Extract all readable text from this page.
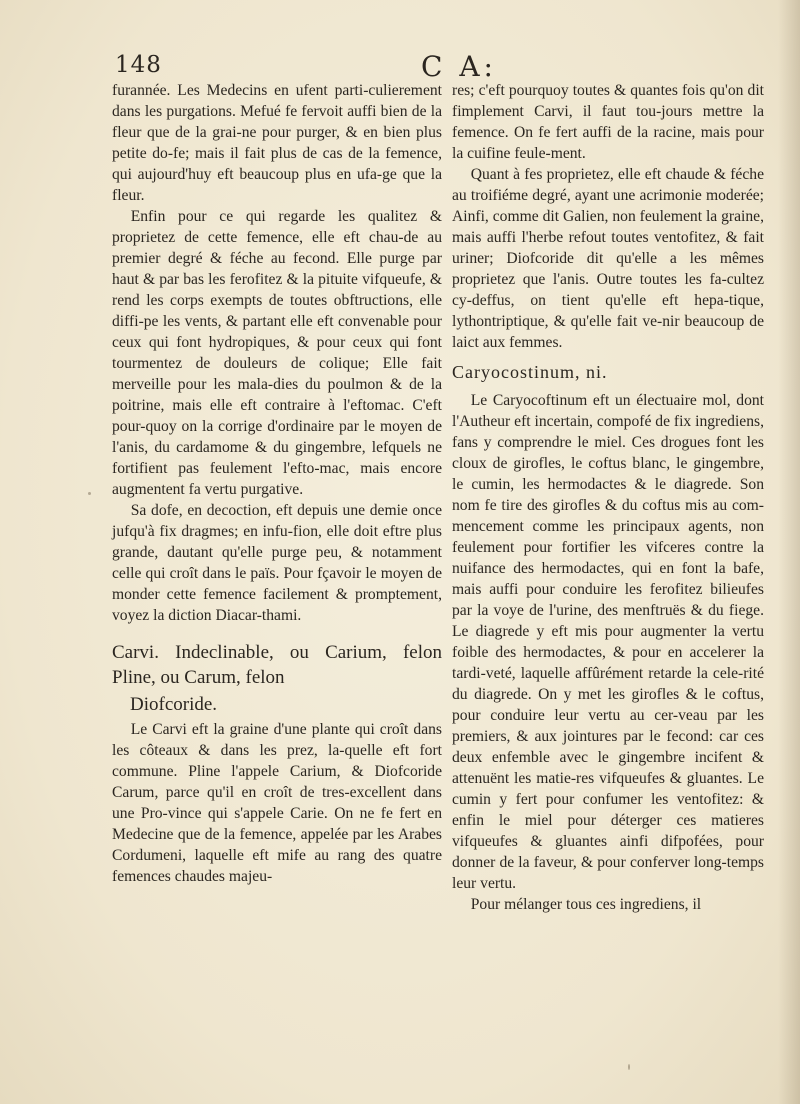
148	C A:

furannée. Les Medecins en ufent parti-culierement dans les purgations. Mefué fe fervoit auffi bien de la fleur que de la grai-ne pour purger, & en bien plus petite do-fe; mais il fait plus de cas de la femence, qui aujourd'huy eft beaucoup plus en ufa-ge que la fleur.

Enfin pour ce qui regarde les qualitez & proprietez de cette femence, elle eft chau-de au premier degré & féche au fecond. Elle purge par haut & par bas les ferofitez & la pituite vifqueufe, & rend les corps exempts de toutes obftructions, elle diffi-pe les vents, & partant elle eft convenable pour ceux qui font hydropiques, & pour ceux qui font tourmentez de douleurs de colique; Elle fait merveille pour les mala-dies du poulmon & de la poitrine, mais elle eft contraire à l'eftomac. C'eft pour-quoy on la corrige d'ordinaire par le moyen de l'anis, du cardamome & du gingembre, lefquels ne fortifient pas feulement l'efto-mac, mais encore augmentent fa vertu purgative.

Sa dofe, en decoction, eft depuis une demie once jufqu'à fix dragmes; en infu-fion, elle doit eftre plus grande, dautant qu'elle purge peu, & notamment celle qui croît dans le païs. Pour fçavoir le moyen de monder cette femence facilement & promptement, voyez la diction Diacar-thami.

Carvi. Indeclinable, ou Carium, felon Pline, ou Carum, felon
Diofcoride.

Le Carvi eft la graine d'une plante qui croît dans les côteaux & dans les prez, la-quelle eft fort commune. Pline l'appele Carium, & Diofcoride Carum, parce qu'il en croît de tres-excellent dans une Pro-vince qui s'appele Carie. On ne fe fert en Medecine que de la femence, appelée par les Arabes Cordumeni, laquelle eft mife au rang des quatre femences chaudes majeu-

res; c'eft pourquoy toutes & quantes fois qu'on dit fimplement Carvi, il faut tou-jours mettre la femence. On fe fert auffi de la racine, mais pour la cuifine feule-ment.

Quant à fes proprietez, elle eft chaude & féche au troifiéme degré, ayant une acrimonie moderée; Ainfi, comme dit Galien, non feulement la graine, mais auffi l'herbe refout toutes ventofitez, & fait uriner; Diofcoride dit qu'elle a les mêmes proprietez que l'anis. Outre toutes les fa-cultez cy-deffus, on tient qu'elle eft hepa-tique, lythontriptique, & qu'elle fait ve-nir beaucoup de laict aux femmes.

Caryocostinum, ni.

Le Caryocoftinum eft un électuaire mol, dont l'Autheur eft incertain, compofé de fix ingrediens, fans y comprendre le miel. Ces drogues font les cloux de girofles, le coftus blanc, le gingembre, le cumin, les hermodactes & le diagrede. Son nom fe tire des girofles & du coftus mis au com-mencement comme les principaux agents, non feulement pour fortifier les vifceres contre la nuifance des hermodactes, qui en font la bafe, mais auffi pour conduire les ferofitez bilieufes par la voye de l'urine, des menftruës & du fiege. Le diagrede y eft mis pour augmenter la vertu foible des hermodactes, & pour en accelerer la tardi-veté, laquelle affûrément retarde la cele-rité du diagrede. On y met les girofles & le coftus, pour conduire leur vertu au cer-veau par les premiers, & aux jointures par le fecond: car ces deux enfemble avec le gingembre incifent & attenuënt les matie-res vifqueufes & gluantes. Le cumin y fert pour confumer les ventofitez: & enfin le miel pour déterger ces matieres vifqueufes & gluantes ainfi difpofées, pour donner de la faveur, & pour conferver long-temps leur vertu.

Pour mélanger tous ces ingrediens, il
